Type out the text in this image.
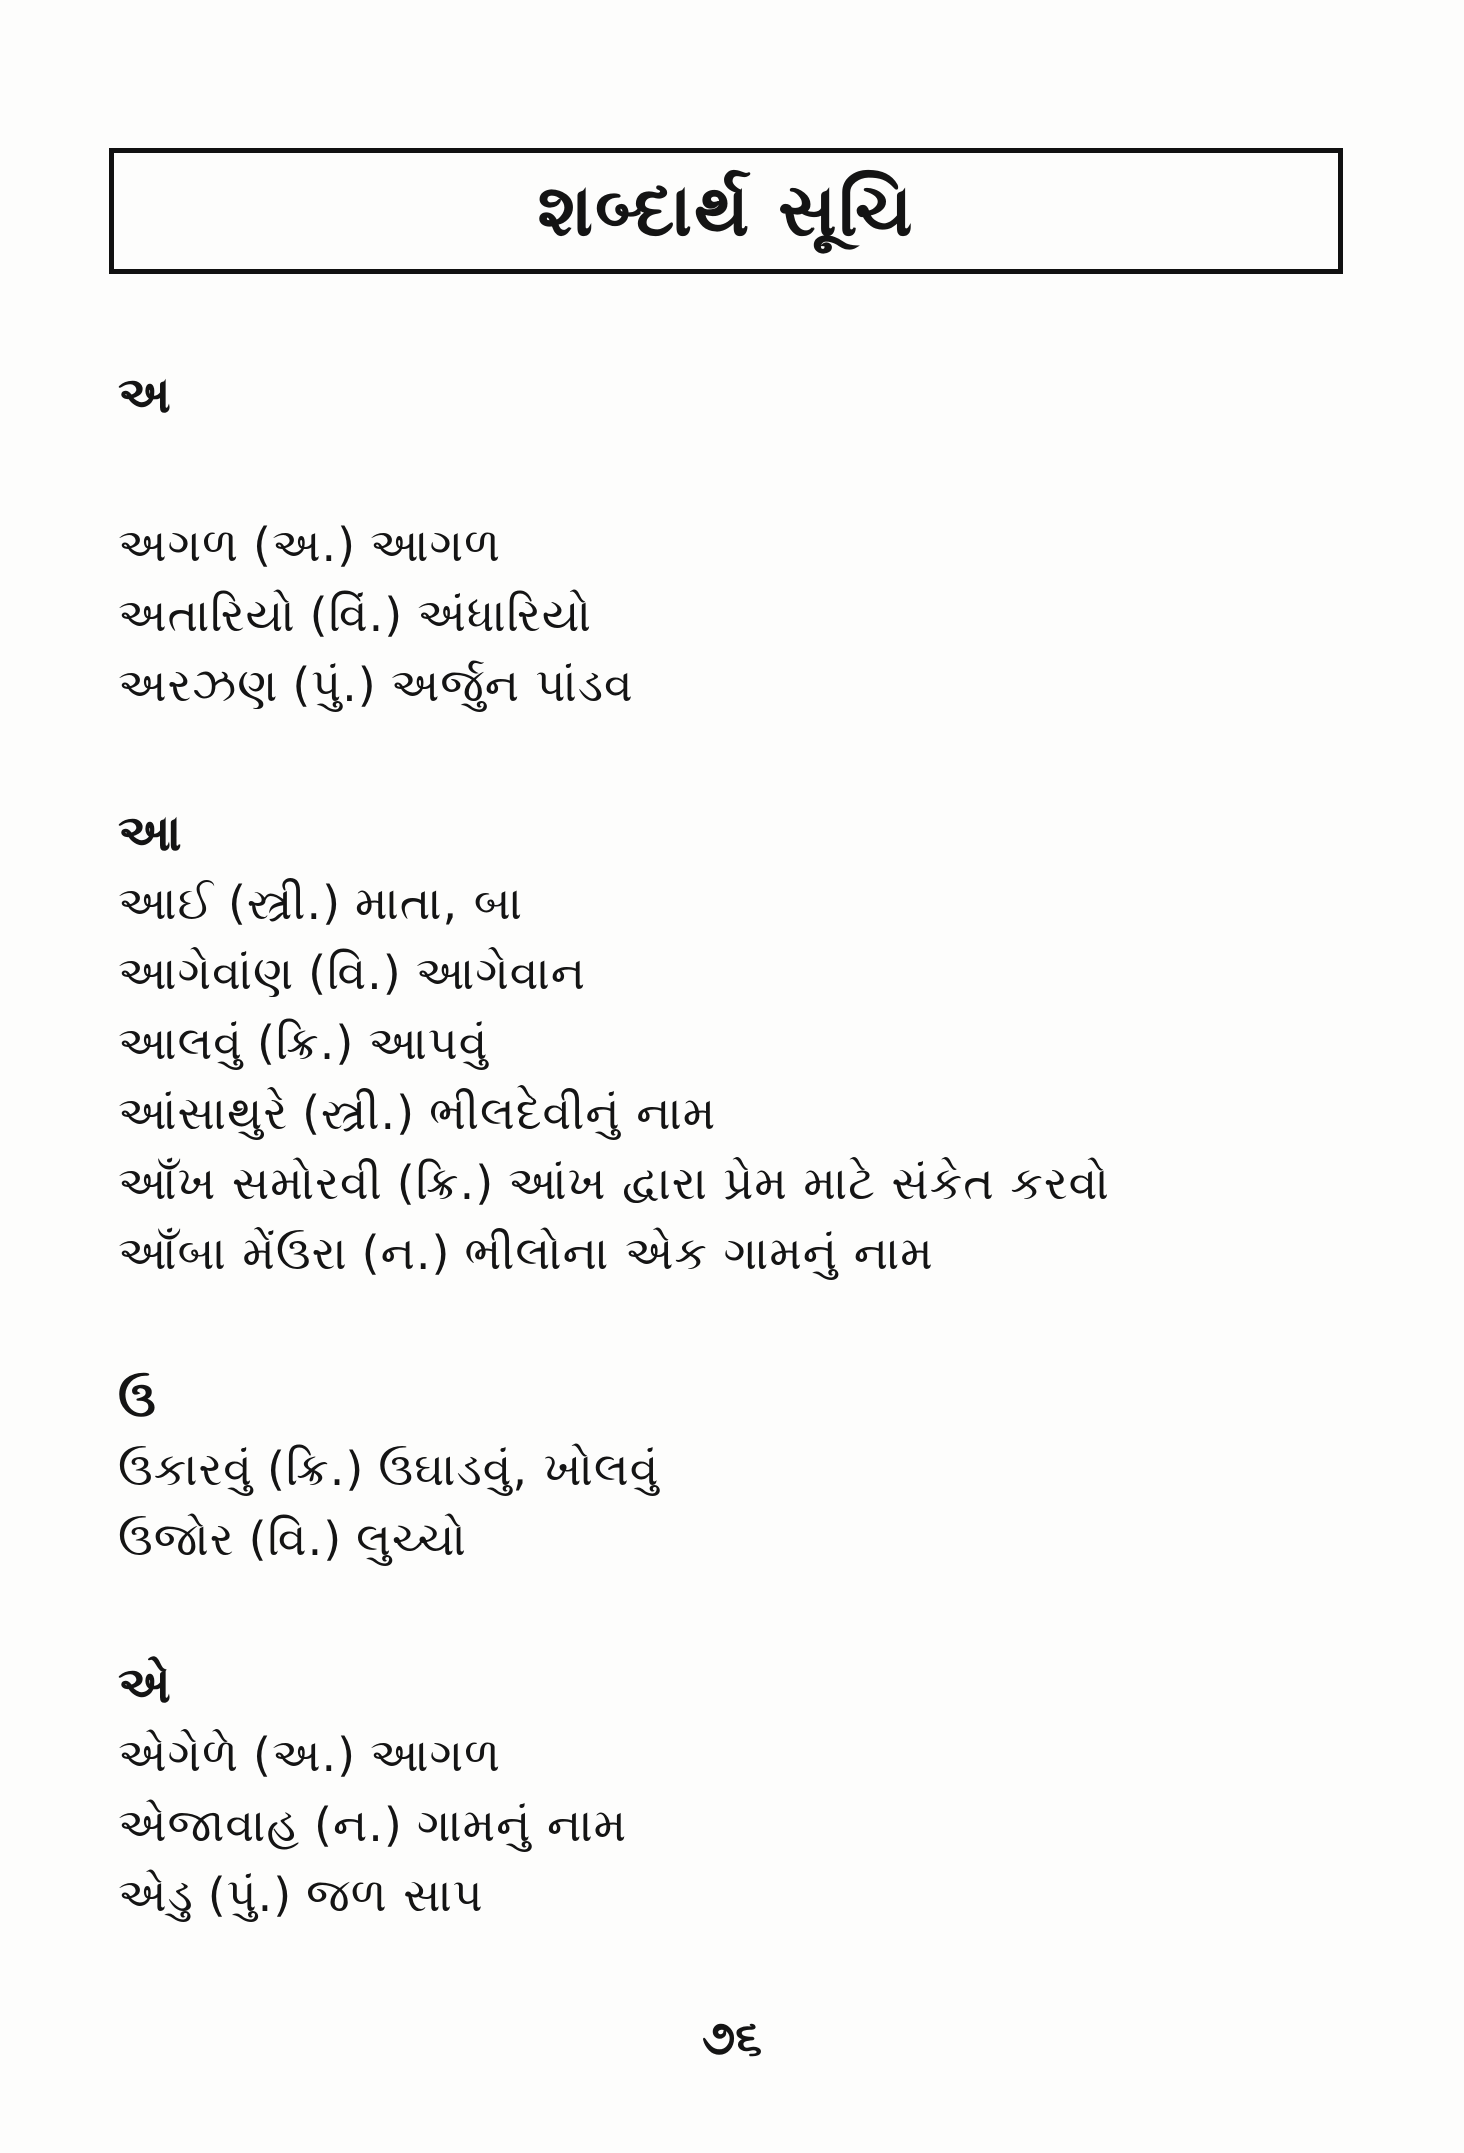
શબ્દાર્થ સૂચિ
અ
અગળ (અ.) આગળ
અતારિયો (વિં.) અંધારિયો
અરઝણ (પું.) અર્જુન પાંડવ
આ
આઈ (સ્ત્રી.) માતા, બા
આગેવાંણ (વિ.) આગેવાન
આલવું (ક્રિ.) આપવું
આંસાથુરે (સ્ત્રી.) ભીલદેવીનું નામ
આઁખ સમોરવી (ક્રિ.) આંખ દ્વારા પ્રેમ માટે સંકેત કરવો
આઁબા મેંઉરા (ન.) ભીલોના એક ગામનું નામ
ઉ
ઉકારવું (ક્રિ.) ઉઘાડવું, ખોલવું
ઉજોર (વિ.) લુચ્ચો
એ
એગેળે (અ.) આગળ
એજાવાહ (ન.) ગામનું નામ
એડુ (પું.) જળ સાપ
૭૬
